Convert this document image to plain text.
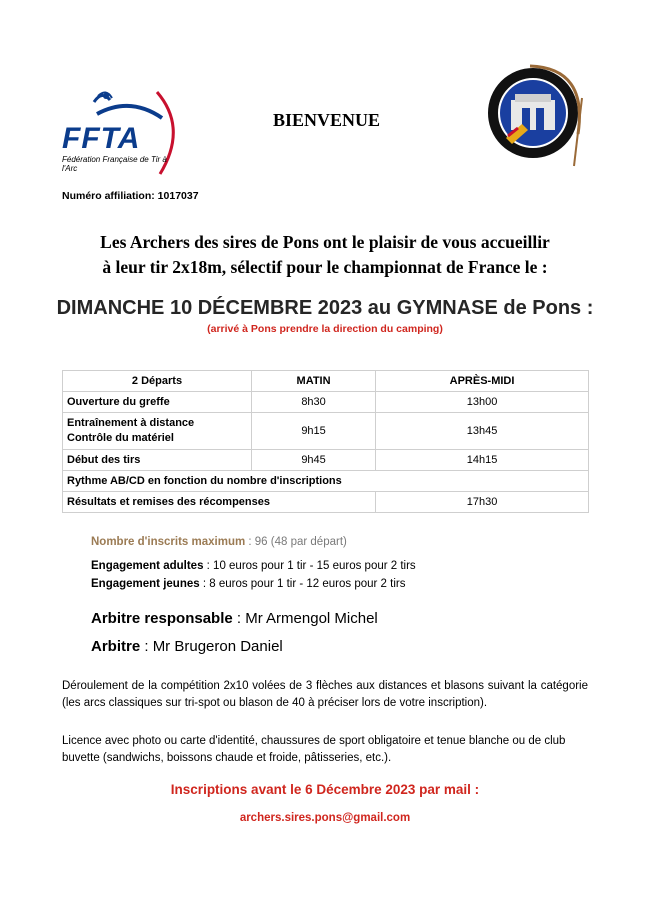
FFTA
Fédération Française de Tir à l'Arc
BIENVENUE
Numéro affiliation: 1017037
Les Archers des sires de Pons ont le plaisir de vous accueillir
à leur tir 2x18m, sélectif pour le championnat de France le :
DIMANCHE 10 DÉCEMBRE 2023 au GYMNASE de Pons :
(arrivé à Pons prendre la direction du camping)
2 Départs	MATIN	APRÈS-MIDI
Ouverture du greffe	8h30	13h00

Entraînement à distance
Contrôle du matériel	9h15	13h45
Début des tirs	9h45	14h15
Rythme AB/CD en fonction du nombre d'inscriptions		
Résultats et remises des récompenses		17h30
Nombre d'inscrits maximum : 96 (48 par départ)
Engagement adultes : 10 euros pour 1 tir - 15 euros pour 2 tirs
Engagement jeunes : 8 euros pour 1 tir - 12 euros pour 2 tirs
Arbitre responsable : Mr Armengol Michel
Arbitre : Mr Brugeron Daniel
Déroulement de la compétition 2x10 volées de 3 flèches aux distances et blasons suivant la catégorie (les arcs classiques sur tri-spot ou blason de 40 à préciser lors de votre inscription).
Licence avec photo ou carte d'identité, chaussures de sport obligatoire et tenue blanche ou de club buvette (sandwichs, boissons chaude et froide, pâtisseries, etc.).
Inscriptions avant le 6 Décembre 2023 par mail :
archers.sires.pons@gmail.com
